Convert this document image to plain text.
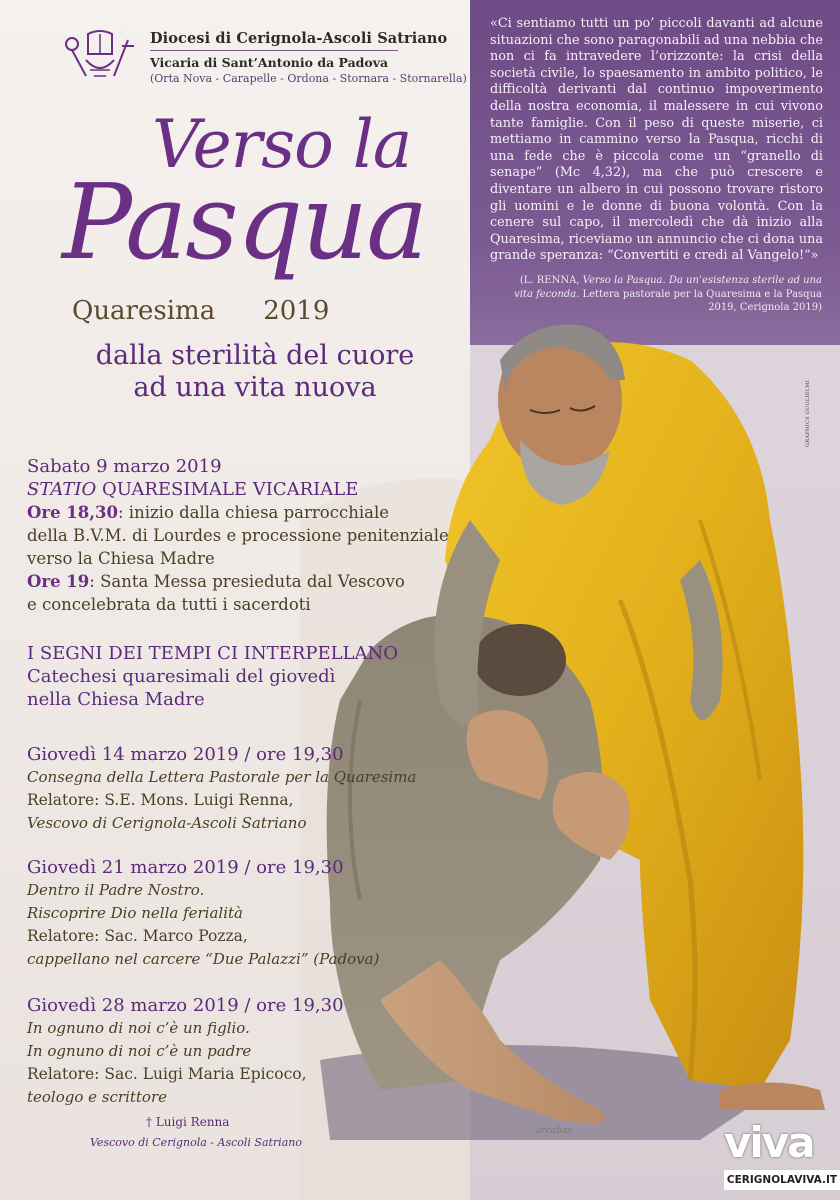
Diocesi di Cerignola-Ascoli Satriano
Vicaria di Sant’Antonio da Padova
(Orta Nova - Carapelle - Ordona - Stornara - Stornarella)
Verso la
Pasqua
Quaresima 2019
dalla sterilità del cuore
ad una vita nuova
Sabato 9 marzo 2019
STATIO QUARESIMALE VICARIALE
Ore 18,30: inizio dalla chiesa parrocchiale
della B.V.M. di Lourdes e processione penitenziale
verso la Chiesa Madre
Ore 19: Santa Messa presieduta dal Vescovo
e concelebrata da tutti i sacerdoti
I SEGNI DEI TEMPI CI INTERPELLANO
Catechesi quaresimali del giovedì
nella Chiesa Madre
Giovedì 14 marzo 2019 / ore 19,30
Consegna della Lettera Pastorale per la Quaresima
Relatore: S.E. Mons. Luigi Renna,
Vescovo di Cerignola-Ascoli Satriano
Giovedì 21 marzo 2019 / ore 19,30
Dentro il Padre Nostro.
Riscoprire Dio nella ferialità
Relatore: Sac. Marco Pozza,
cappellano nel carcere “Due Palazzi” (Padova)
Giovedì 28 marzo 2019 / ore 19,30
In ognuno di noi c’è un figlio.
In ognuno di noi c’è un padre
Relatore: Sac. Luigi Maria Epicoco,
teologo e scrittore
† Luigi Renna
Vescovo di Cerignola - Ascoli Satriano
«Ci sentiamo tutti un po’ piccoli davanti ad alcune situazioni che sono paragonabili ad una nebbia che non ci fa intravedere l’orizzonte: la crisi della società civile, lo spaesamento in ambito politico, le difficoltà derivanti dal continuo impoverimento della nostra economia, il malessere in cui vivono tante famiglie. Con il peso di queste miserie, ci mettiamo in cammino verso la Pasqua, ricchi di una fede che è piccola come un “granello di senape” (Mc 4,32), ma che può crescere e diventare un albero in cui possono trovare ristoro gli uomini e le donne di buona volontà. Con la cenere sul capo, il mercoledì che dà inizio alla Quaresima, riceviamo un annuncio che ci dona una grande speranza: “Convertiti e credi al Vangelo!”»
(L. RENNA, Verso la Pasqua. Da un’esistenza sterile ad una vita feconda. Lettera pastorale per la Quaresima e la Pasqua 2019, Cerignola 2019)
GRAPHICS GUGLIELMI
arcabas	viva
CERIGNOLAVIVA.IT
